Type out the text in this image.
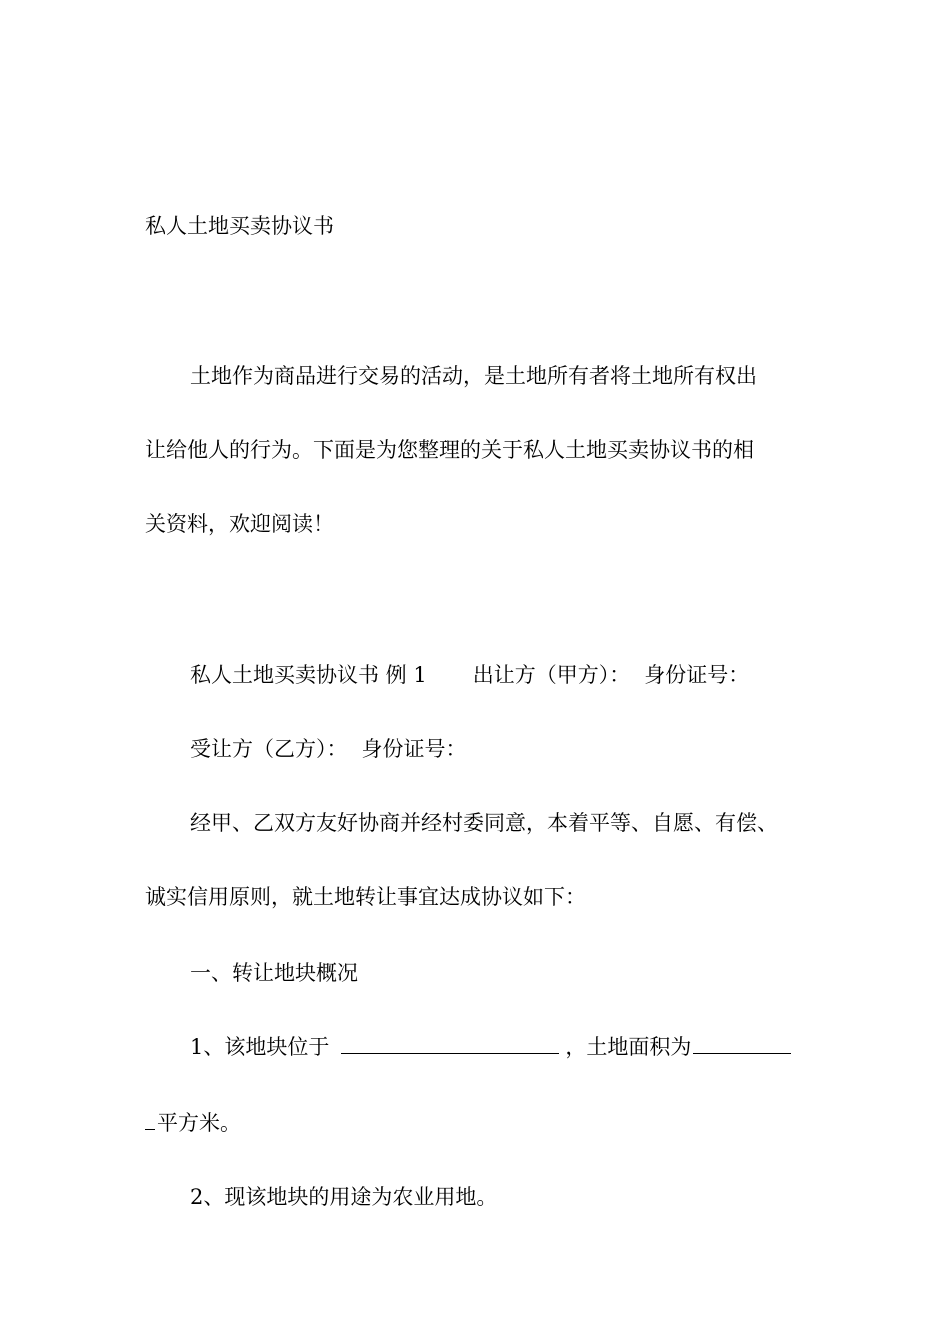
私人土地买卖协议书

土地作为商品进行交易的活动，是土地所有者将土地所有权出

让给他人的行为。下面是为您整理的关于私人土地买卖协议书的相

关资料，欢迎阅读！

私人土地买卖协议书 例 1 出让方（甲方）： 身份证号：

受让方（乙方）： 身份证号：

经甲、乙双方友好协商并经村委同意，本着平等、自愿、有偿、

诚实信用原则，就土地转让事宜达成协议如下：

一、转让地块概况

1、该地块位于	，土地面积为

平方米。

2、现该地块的用途为农业用地。
